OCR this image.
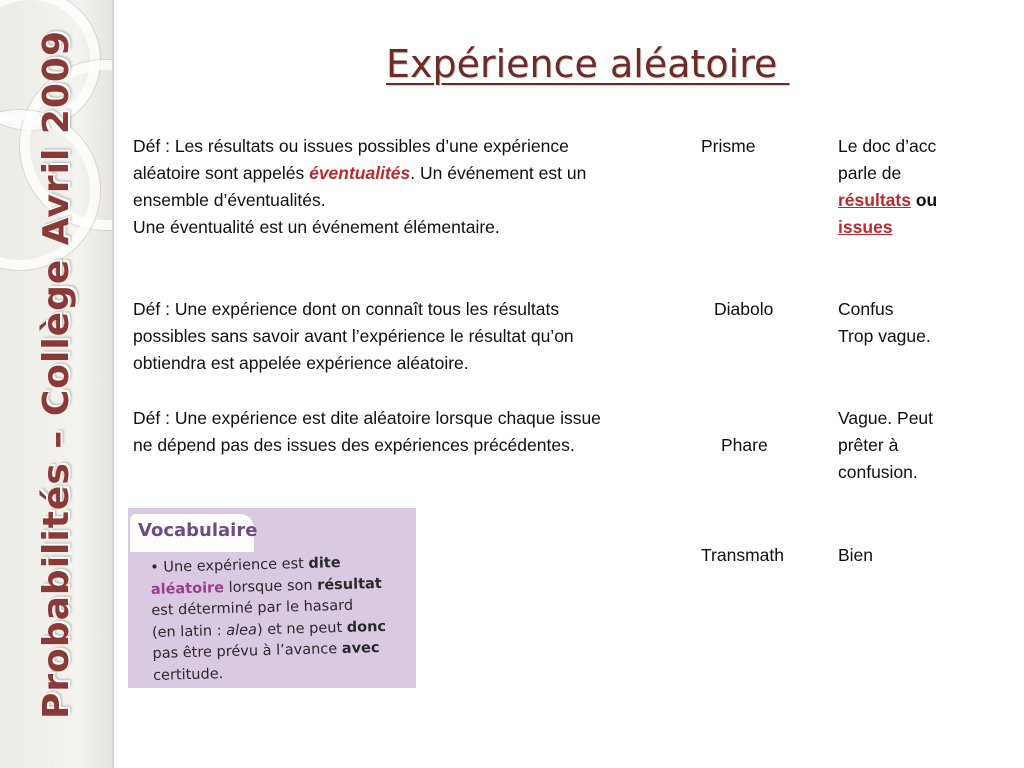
Probabilités – Collège Avril 2009	Expérience aléatoire
Déf : Les résultats ou issues possibles d’une expérience
aléatoire sont appelés éventualités. Un événement est un
ensemble d’éventualités.
Une éventualité est un événement élémentaire.
Déf : Une expérience dont on connaît tous les résultats
possibles sans savoir avant l’expérience le résultat qu’on
obtiendra est appelée expérience aléatoire.
Déf : Une expérience est dite aléatoire lorsque chaque issue
ne dépend pas des issues des expériences précédentes.
Prisme
Diabolo
Phare
Transmath
Le doc d’acc
parle de
résultats ou
issues
Confus
Trop vague.
Vague. Peut
prêter à
confusion.
Bien
Vocabulaire
• Une expérience est dite
aléatoire lorsque son résultat
est déterminé par le hasard
(en latin : alea) et ne peut donc
pas être prévu à l’avance avec
certitude.
